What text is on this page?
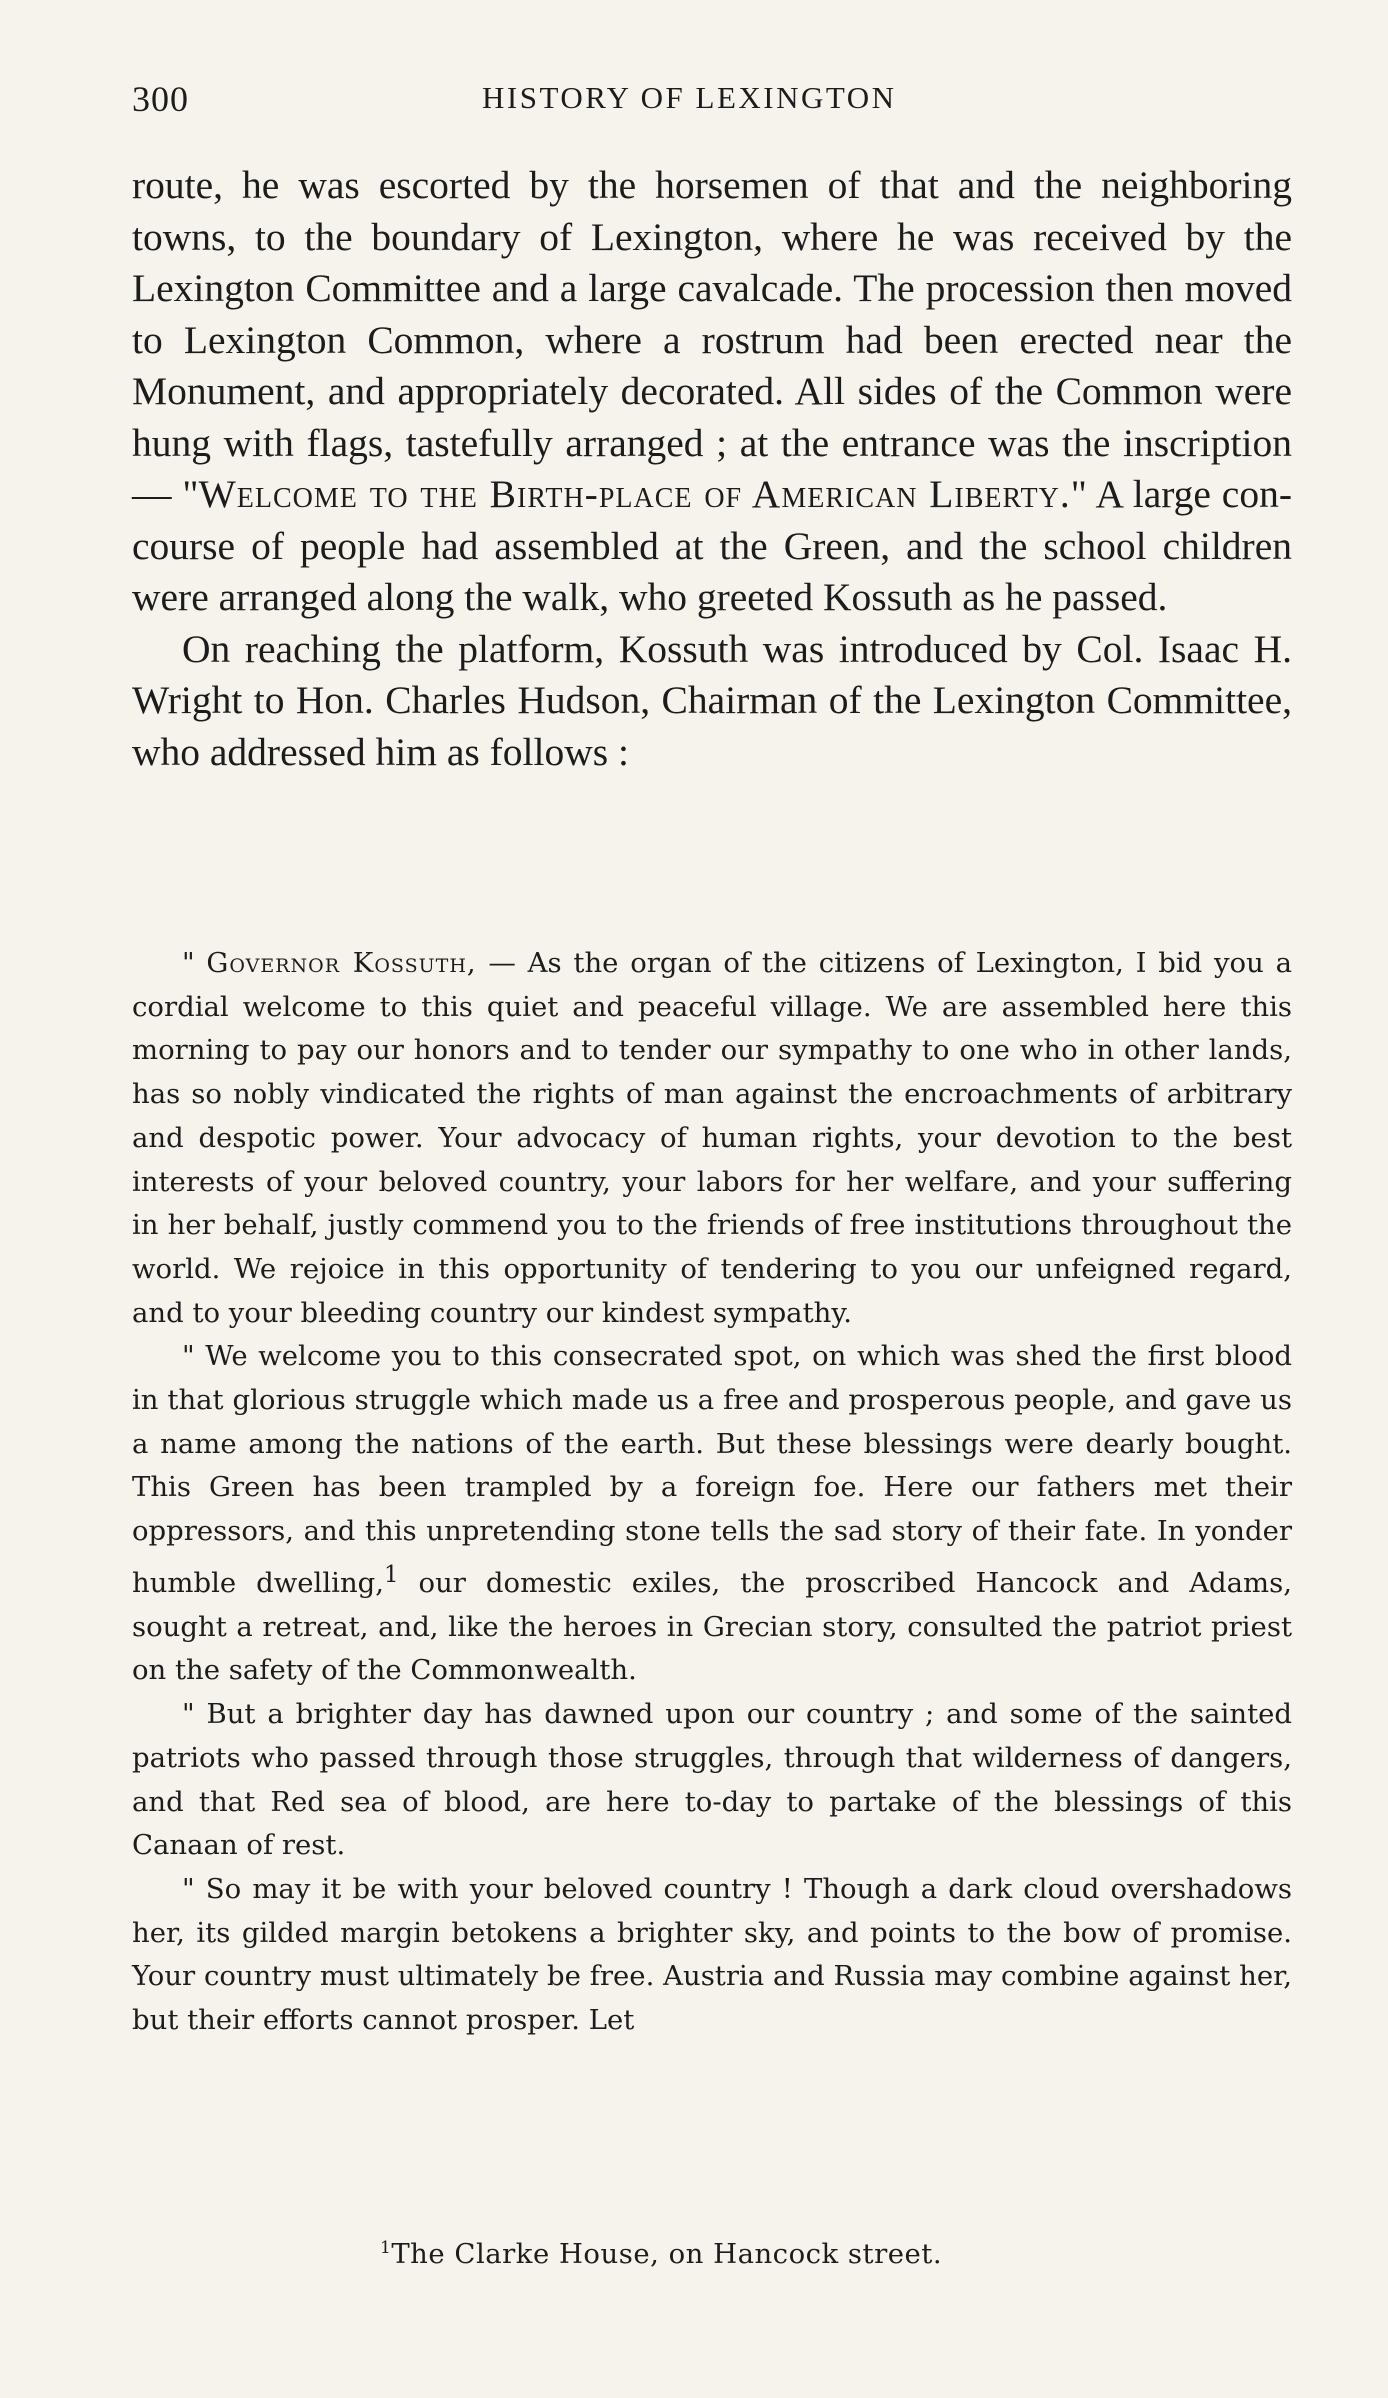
300	HISTORY OF LEXINGTON

route, he was escorted by the horsemen of that and the neighboring towns, to the boundary of Lexington, where he was received by the Lexington Committee and a large cavalcade. The procession then moved to Lexington Common, where a rostrum had been erected near the Monument, and appropriately decorated. All sides of the Common were hung with flags, tastefully arranged ; at the entrance was the inscription — "Welcome to the Birth-place of American Liberty." A large concourse of people had assembled at the Green, and the school children were arranged along the walk, who greeted Kossuth as he passed.

On reaching the platform, Kossuth was introduced by Col. Isaac H. Wright to Hon. Charles Hudson, Chairman of the Lexington Committee, who addressed him as follows :

" Governor Kossuth, — As the organ of the citizens of Lexington, I bid you a cordial welcome to this quiet and peaceful village. We are assembled here this morning to pay our honors and to tender our sympathy to one who in other lands, has so nobly vindicated the rights of man against the encroachments of arbitrary and despotic power. Your advocacy of human rights, your devotion to the best interests of your beloved country, your labors for her welfare, and your suffering in her behalf, justly commend you to the friends of free institutions throughout the world. We rejoice in this opportunity of tendering to you our unfeigned regard, and to your bleeding country our kindest sympathy.

" We welcome you to this consecrated spot, on which was shed the first blood in that glorious struggle which made us a free and prosperous people, and gave us a name among the nations of the earth. But these blessings were dearly bought. This Green has been trampled by a foreign foe. Here our fathers met their oppressors, and this unpretending stone tells the sad story of their fate. In yonder humble dwelling,$^1$ our domestic exiles, the proscribed Hancock and Adams, sought a retreat, and, like the heroes in Grecian story, consulted the patriot priest on the safety of the Commonwealth.

" But a brighter day has dawned upon our country ; and some of the sainted patriots who passed through those struggles, through that wilderness of dangers, and that Red sea of blood, are here to-day to partake of the blessings of this Canaan of rest.

" So may it be with your beloved country ! Though a dark cloud overshadows her, its gilded margin betokens a brighter sky, and points to the bow of promise. Your country must ultimately be free. Austria and Russia may combine against her, but their efforts cannot prosper. Let

$^1$The Clarke House, on Hancock street.
